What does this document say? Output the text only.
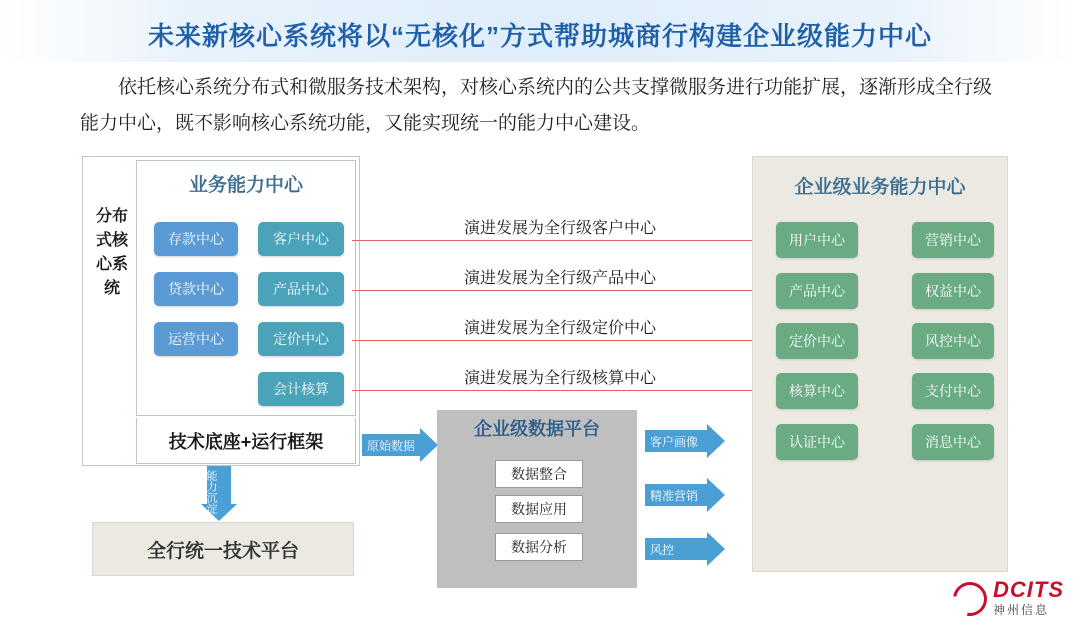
未来新核心系统将以“无核化”方式帮助城商行构建企业级能力中心
依托核心系统分布式和微服务技术架构，对核心系统内的公共支撑微服务进行功能扩展，逐渐形成全行级能力中心，既不影响核心系统功能，又能实现统一的能力中心建设。
分布式核心系统
业务能力中心
存款中心
贷款中心
运营中心
客户中心
产品中心
定价中心
会计核算
技术底座+运行框架
能力沉淀
全行统一技术平台
演进发展为全行级客户中心
演进发展为全行级产品中心
演进发展为全行级定价中心
演进发展为全行级核算中心
原始数据
企业级数据平台
数据整合
数据应用
数据分析
客户画像
精准营销
风控
企业级业务能力中心
用户中心
产品中心
定价中心
核算中心
认证中心
营销中心
权益中心
风控中心
支付中心
消息中心
DCITS
神州信息
